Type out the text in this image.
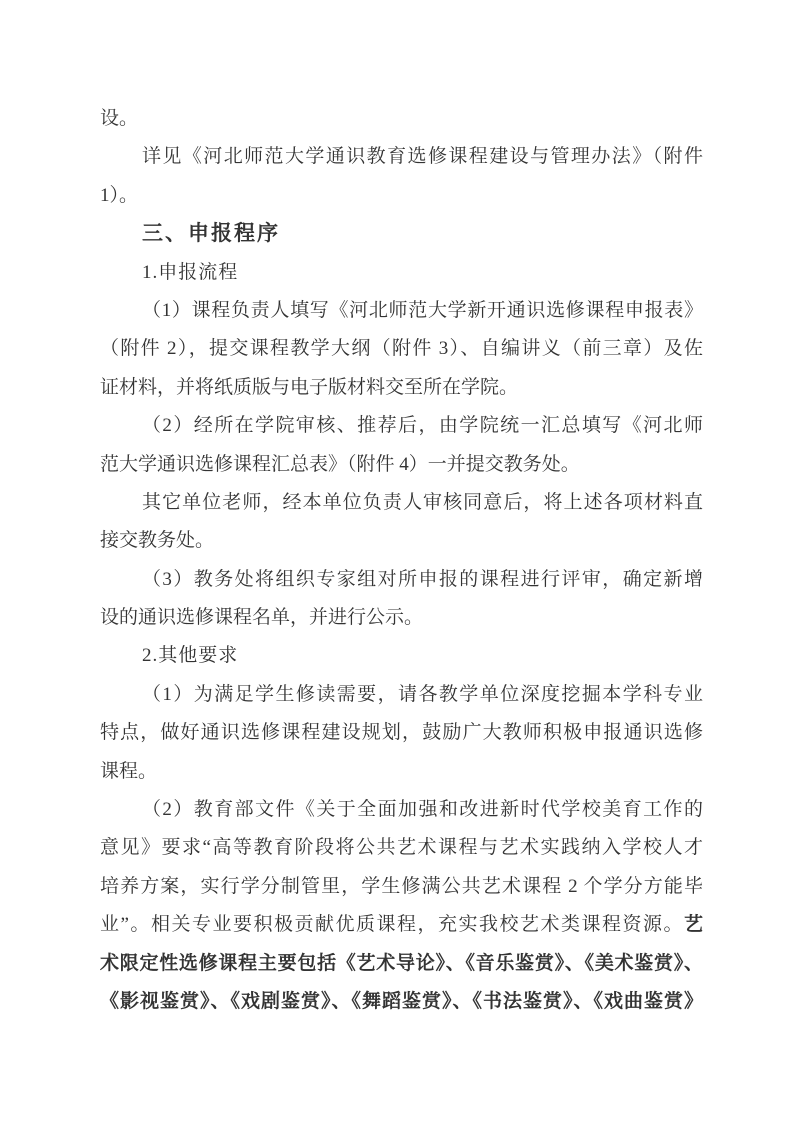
设。
详见《河北师范大学通识教育选修课程建设与管理办法》（附件
1）。
三、申报程序
1.申报流程
（1）课程负责人填写《河北师范大学新开通识选修课程申报表》
（附件 2），提交课程教学大纲（附件 3）、自编讲义（前三章）及佐
证材料，并将纸质版与电子版材料交至所在学院。
（2）经所在学院审核、推荐后，由学院统一汇总填写《河北师
范大学通识选修课程汇总表》（附件 4）一并提交教务处。
其它单位老师，经本单位负责人审核同意后，将上述各项材料直
接交教务处。
（3）教务处将组织专家组对所申报的课程进行评审，确定新增
设的通识选修课程名单，并进行公示。
2.其他要求
（1）为满足学生修读需要，请各教学单位深度挖掘本学科专业
特点，做好通识选修课程建设规划，鼓励广大教师积极申报通识选修
课程。
（2）教育部文件《关于全面加强和改进新时代学校美育工作的
意见》要求“高等教育阶段将公共艺术课程与艺术实践纳入学校人才
培养方案，实行学分制管里，学生修满公共艺术课程 2 个学分方能毕
业”。相关专业要积极贡献优质课程，充实我校艺术类课程资源。艺
术限定性选修课程主要包括《艺术导论》、《音乐鉴赏》、《美术鉴赏》、
《影视鉴赏》、《戏剧鉴赏》、《舞蹈鉴赏》、《书法鉴赏》、《戏曲鉴赏》
